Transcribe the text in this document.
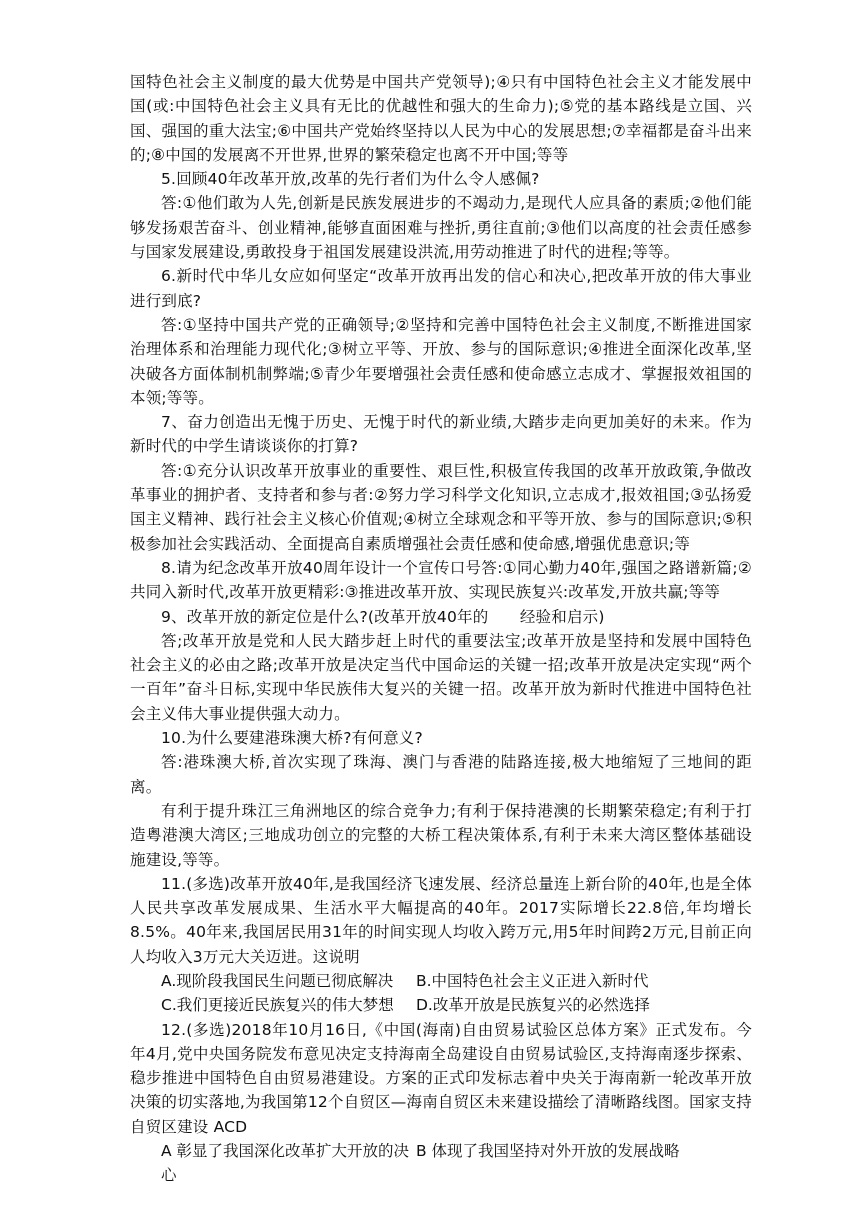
国特色社会主义制度的最大优势是中国共产党领导);④只有中国特色社会主义才能发展中国(或:中国特色社会主义具有无比的优越性和强大的生命力);⑤党的基本路线是立国、兴国、强国的重大法宝;⑥中国共产党始终坚持以人民为中心的发展思想;⑦幸福都是奋斗出来的;⑧中国的发展离不开世界,世界的繁荣稳定也离不开中国;等等

5.回顾40年改革开放,改革的先行者们为什么令人感佩?

答:①他们敢为人先,创新是民族发展进步的不竭动力,是现代人应具备的素质;②他们能够发扬艰苦奋斗、创业精神,能够直面困难与挫折,勇往直前;③他们以高度的社会责任感参与国家发展建设,勇敢投身于祖国发展建设洪流,用劳动推进了时代的进程;等等。

6.新时代中华儿女应如何坚定“改革开放再出发的信心和决心,把改革开放的伟大事业进行到底?

答:①坚持中国共产党的正确领导;②坚持和完善中国特色社会主义制度,不断推进国家治理体系和治理能力现代化;③树立平等、开放、参与的国际意识;④推进全面深化改革,坚决破各方面体制机制弊端;⑤青少年要增强社会责任感和使命感立志成才、掌握报效祖国的本领;等等。

7、奋力创造出无愧于历史、无愧于时代的新业绩,大踏步走向更加美好的未来。作为新时代的中学生请谈谈你的打算?

答:①充分认识改革开放事业的重要性、艰巨性,积极宣传我国的改革开放政策,争做改革事业的拥护者、支持者和参与者:②努力学习科学文化知识,立志成才,报效祖国;③弘扬爱国主义精神、践行社会主义核心价值观;④树立全球观念和平等开放、参与的国际意识;⑤积极参加社会实践活动、全面提高自素质增强社会责任感和使命感,增强优患意识;等

8.请为纪念改革开放40周年设计一个宣传口号答:①同心勤力40年,强国之路谱新篇;②共同入新时代,改革开放更精彩:③推进改革开放、实现民族复兴:改革发,开放共赢;等等

9、改革开放的新定位是什么?(改革开放40年的　　经验和启示)

答;改革开放是党和人民大踏步赶上时代的重要法宝;改革开放是坚持和发展中国特色社会主义的必由之路;改革开放是决定当代中国命运的关键一招;改革开放是决定实现“两个一百年”奋斗日标,实现中华民族伟大复兴的关键一招。改革开放为新时代推进中国特色社会主义伟大事业提供强大动力。

10.为什么要建港珠澳大桥?有何意义?

答:港珠澳大桥,首次实现了珠海、澳门与香港的陆路连接,极大地缩短了三地间的距离。

有利于提升珠江三角洲地区的综合竞争力;有利于保持港澳的长期繁荣稳定;有利于打造粤港澳大湾区;三地成功创立的完整的大桥工程决策体系,有利于未来大湾区整体基础设施建设,等等。

11.(多选)改革开放40年,是我国经济飞速发展、经济总量连上新台阶的40年,也是全体人民共享改革发展成果、生活水平大幅提高的40年。2017实际增长22.8倍,年均增长8.5%。40年来,我国居民用31年的时间实现人均收入跨万元,用5年时间跨2万元,目前正向人均收入3万元大关迈进。这说明

A.现阶段我国民生问题已彻底解决	B.中国特色社会主义正进入新时代
C.我们更接近民族复兴的伟大梦想	D.改革开放是民族复兴的必然选择

12.(多选)2018年10月16日,《中国(海南)自由贸易试验区总体方案》正式发布。今年4月,党中央国务院发布意见决定支持海南全岛建设自由贸易试验区,支持海南逐步探索、稳步推进中国特色自由贸易港建设。方案的正式印发标志着中央关于海南新一轮改革开放决策的切实落地,为我国第12个自贸区—海南自贸区未来建设描绘了清晰路线图。国家支持自贸区建设 ACD

A 彰显了我国深化改革扩大开放的决心
B 体现了我国坚持对外开放的发展战略
